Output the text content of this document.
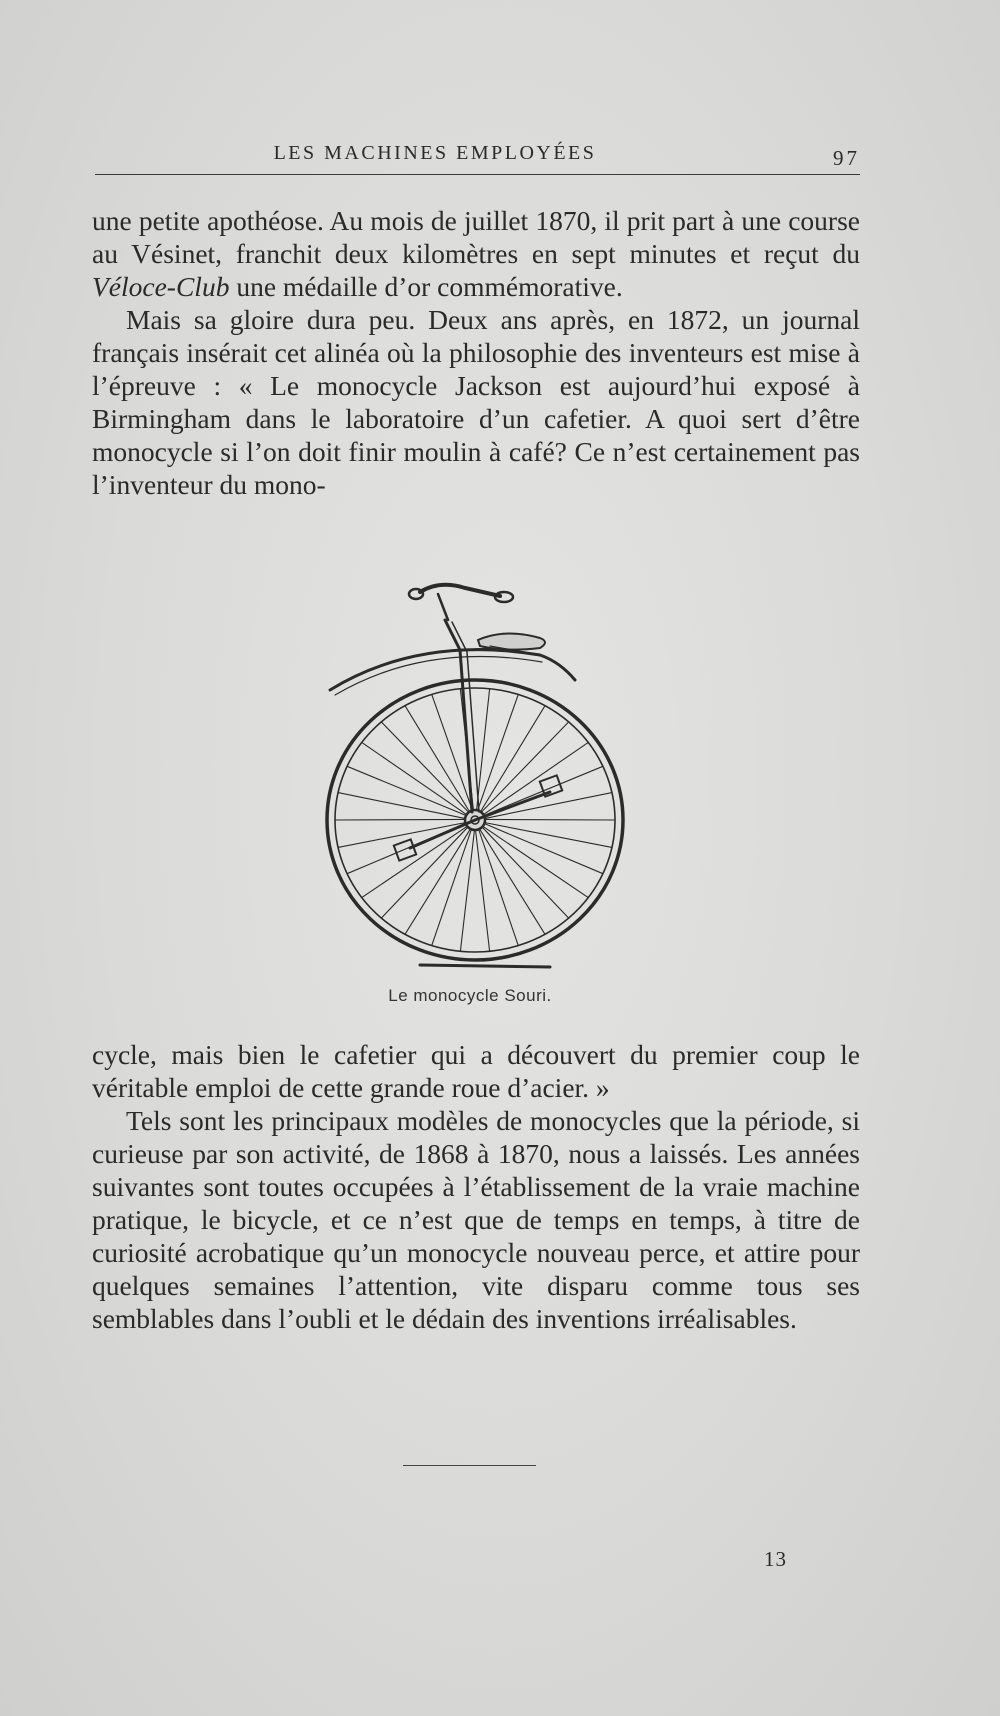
LES MACHINES EMPLOYÉES	97

une petite apothéose. Au mois de juillet 1870, il prit part à une course au Vésinet, franchit deux kilomètres en sept minutes et reçut du Véloce-Club une médaille d’or commémorative.

Mais sa gloire dura peu. Deux ans après, en 1872, un journal français insérait cet alinéa où la philosophie des inventeurs est mise à l’épreuve : « Le monocycle Jackson est aujourd’hui exposé à Birmingham dans le laboratoire d’un cafetier. A quoi sert d’être monocycle si l’on doit finir moulin à café? Ce n’est certainement pas l’inventeur du mono-

Le monocycle Souri.

cycle, mais bien le cafetier qui a découvert du premier coup le véritable emploi de cette grande roue d’acier. »

Tels sont les principaux modèles de monocycles que la période, si curieuse par son activité, de 1868 à 1870, nous a laissés. Les années suivantes sont toutes occupées à l’établissement de la vraie machine pratique, le bicycle, et ce n’est que de temps en temps, à titre de curiosité acrobatique qu’un monocycle nouveau perce, et attire pour quelques semaines l’attention, vite disparu comme tous ses semblables dans l’oubli et le dédain des inventions irréalisables.

13
